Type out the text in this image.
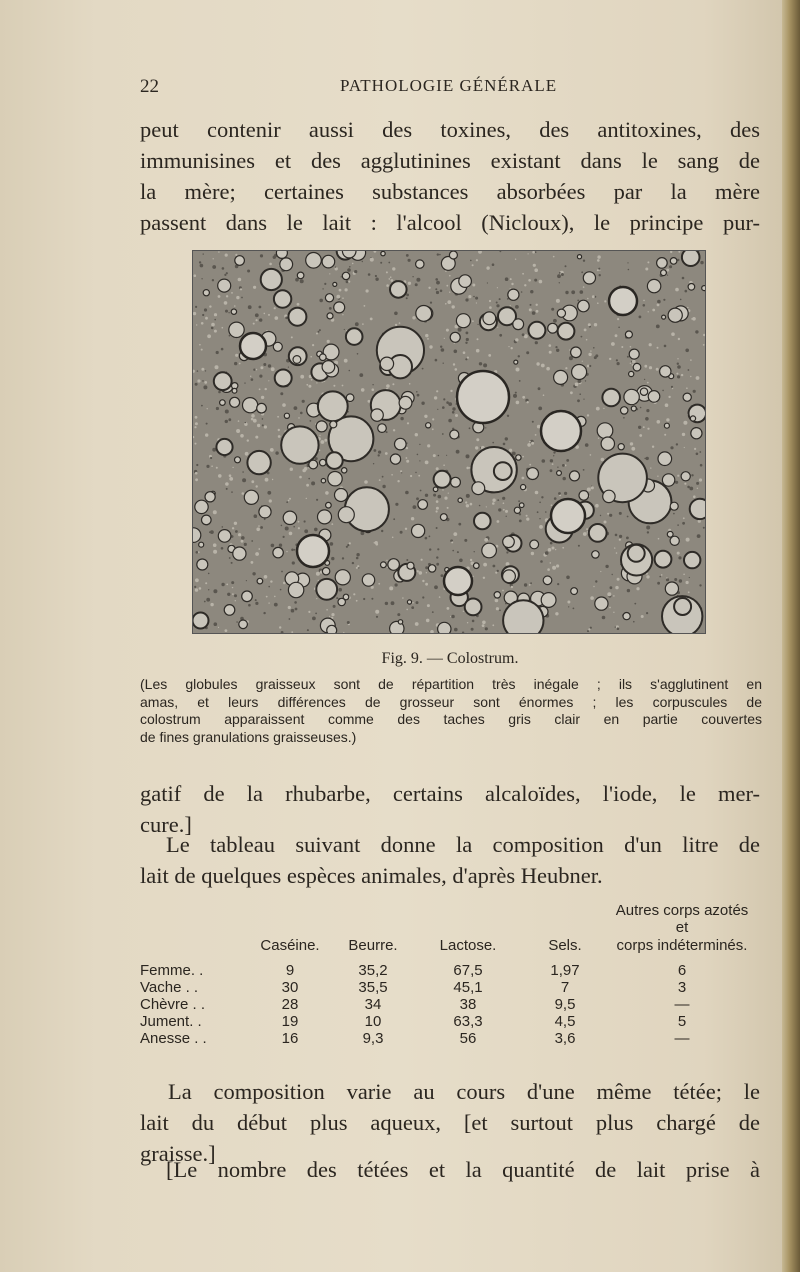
22	PATHOLOGIE GÉNÉRALE

peut contenir aussi des toxines, des antitoxines, des
immunisines et des agglutinines existant dans le sang de
la mère; certaines substances absorbées par la mère
passent dans le lait : l'alcool (Nicloux), le principe pur-

Fig. 9. — Colostrum.

(Les globules graisseux sont de répartition très inégale ; ils s'agglutinent en
amas, et leurs différences de grosseur sont énormes ; les corpuscules de
colostrum apparaissent comme des taches gris clair en partie couvertes
de fines granulations graisseuses.)

gatif de la rhubarbe, certains alcaloïdes, l'iode, le mer-
cure.]

Le tableau suivant donne la composition d'un litre de
lait de quelques espèces animales, d'après Heubner.

Autres corps azotés
et
corps indéterminés.
Caséine. Beurre.	Lactose.	Sels.
Femme. .	9	35,2	67,5	1,97	6
Vache . .	30	35,5	45,1	7	3
Chèvre . .	28	34	38	9,5	—
Jument. .	19	10	63,3	4,5	5
Anesse . .	16	9,3	56	3,6	—

La composition varie au cours d'une même tétée; le
lait du début plus aqueux, [et surtout plus chargé de
graisse.]

[Le nombre des tétées et la quantité de lait prise à
